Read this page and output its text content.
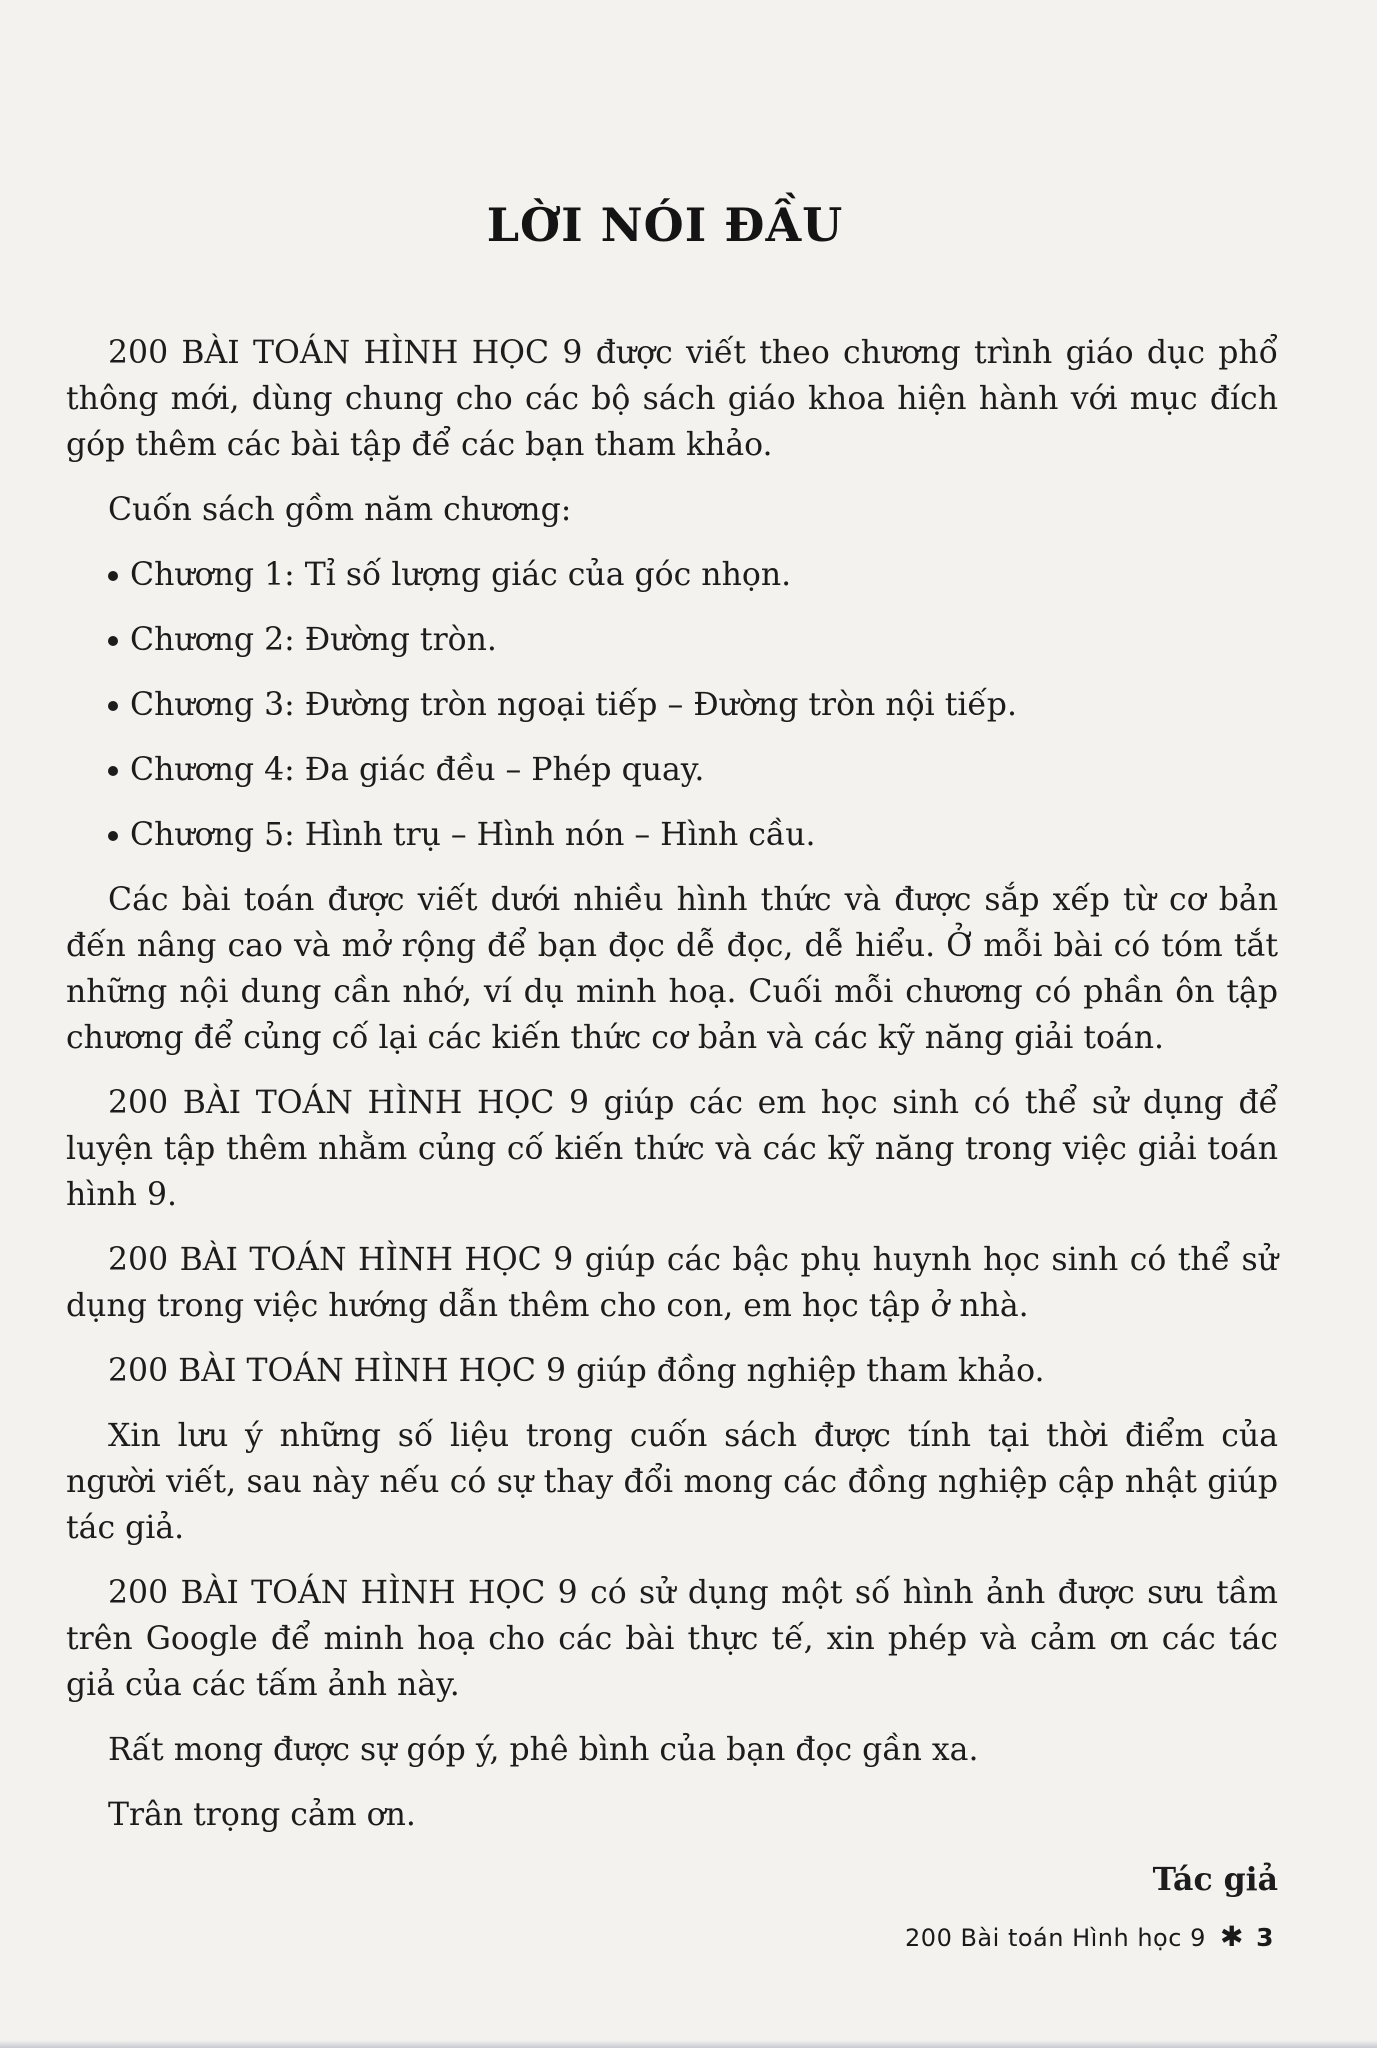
LỜI NÓI ĐẦU

200 BÀI TOÁN HÌNH HỌC 9 được viết theo chương trình giáo dục phổ thông mới, dùng chung cho các bộ sách giáo khoa hiện hành với mục đích góp thêm các bài tập để các bạn tham khảo.

Cuốn sách gồm năm chương:

Chương 1: Tỉ số lượng giác của góc nhọn.
Chương 2: Đường tròn.
Chương 3: Đường tròn ngoại tiếp – Đường tròn nội tiếp.
Chương 4: Đa giác đều – Phép quay.
Chương 5: Hình trụ – Hình nón – Hình cầu.

Các bài toán được viết dưới nhiều hình thức và được sắp xếp từ cơ bản đến nâng cao và mở rộng để bạn đọc dễ đọc, dễ hiểu. Ở mỗi bài có tóm tắt những nội dung cần nhớ, ví dụ minh hoạ. Cuối mỗi chương có phần ôn tập chương để củng cố lại các kiến thức cơ bản và các kỹ năng giải toán.

200 BÀI TOÁN HÌNH HỌC 9 giúp các em học sinh có thể sử dụng để luyện tập thêm nhằm củng cố kiến thức và các kỹ năng trong việc giải toán hình 9.

200 BÀI TOÁN HÌNH HỌC 9 giúp các bậc phụ huynh học sinh có thể sử dụng trong việc hướng dẫn thêm cho con, em học tập ở nhà.

200 BÀI TOÁN HÌNH HỌC 9 giúp đồng nghiệp tham khảo.

Xin lưu ý những số liệu trong cuốn sách được tính tại thời điểm của người viết, sau này nếu có sự thay đổi mong các đồng nghiệp cập nhật giúp tác giả.

200 BÀI TOÁN HÌNH HỌC 9 có sử dụng một số hình ảnh được sưu tầm trên Google để minh hoạ cho các bài thực tế, xin phép và cảm ơn các tác giả của các tấm ảnh này.

Rất mong được sự góp ý, phê bình của bạn đọc gần xa.

Trân trọng cảm ơn.

Tác giả

200 Bài toán Hình học 9 ✱ 3
